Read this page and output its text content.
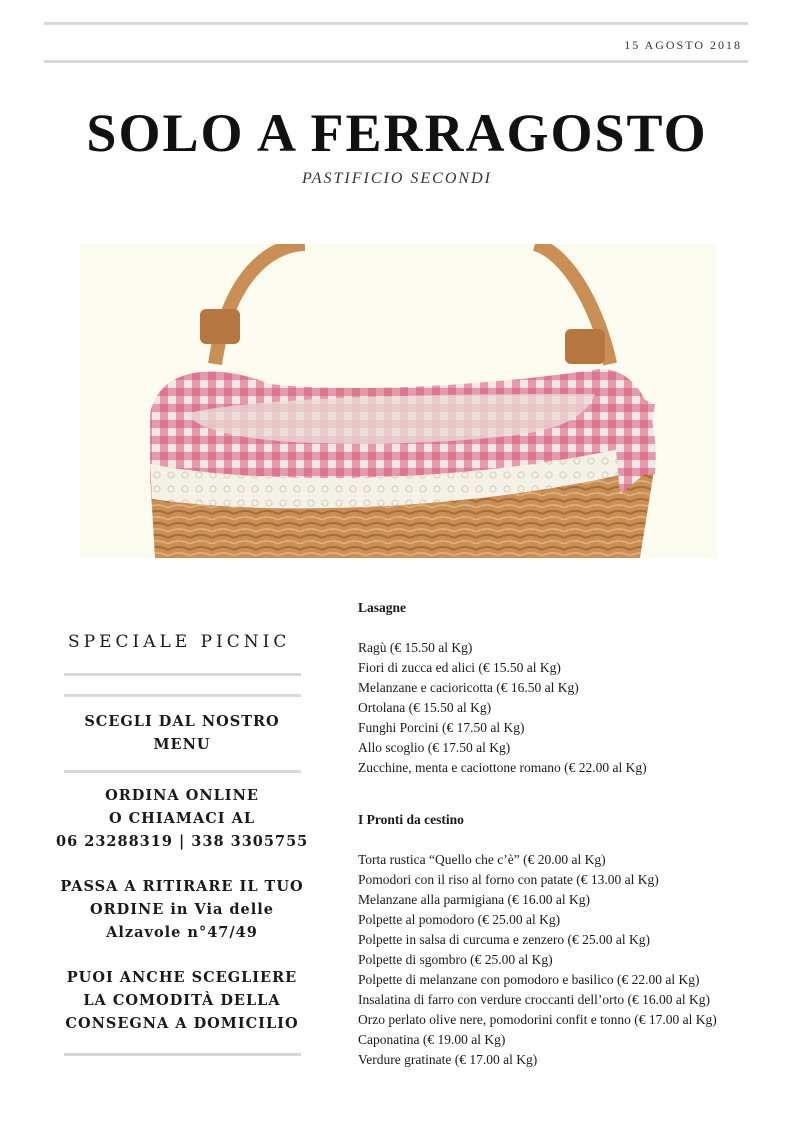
15 AGOSTO 2018
SOLO A FERRAGOSTO
PASTIFICIO SECONDI
SPECIALE PICNIC
SCEGLI DAL NOSTRO
MENU
ORDINA ONLINE
O CHIAMACI AL
06 23288319 | 338 3305755
PASSA A RITIRARE IL TUO
ORDINE in Via delle
Alzavole n°47/49
PUOI ANCHE SCEGLIERE
LA COMODITÀ DELLA
CONSEGNA A DOMICILIO
Lasagne
Ragù (€ 15.50 al Kg)
Fiori di zucca ed alici (€ 15.50 al Kg)
Melanzane e cacioricotta (€ 16.50 al Kg)
Ortolana (€ 15.50 al Kg)
Funghi Porcini (€ 17.50 al Kg)
Allo scoglio (€ 17.50 al Kg)
Zucchine, menta e caciottone romano (€ 22.00 al Kg)
I Pronti da cestino
Torta rustica “Quello che c’è” (€ 20.00 al Kg)
Pomodori con il riso al forno con patate (€ 13.00 al Kg)
Melanzane alla parmigiana (€ 16.00 al Kg)
Polpette al pomodoro (€ 25.00 al Kg)
Polpette in salsa di curcuma e zenzero (€ 25.00 al Kg)
Polpette di sgombro (€ 25.00 al Kg)
Polpette di melanzane con pomodoro e basilico (€ 22.00 al Kg)
Insalatina di farro con verdure croccanti dell’orto (€ 16.00 al Kg)
Orzo perlato olive nere, pomodorini confit e tonno (€ 17.00 al Kg)
Caponatina (€ 19.00 al Kg)
Verdure gratinate (€ 17.00 al Kg)
